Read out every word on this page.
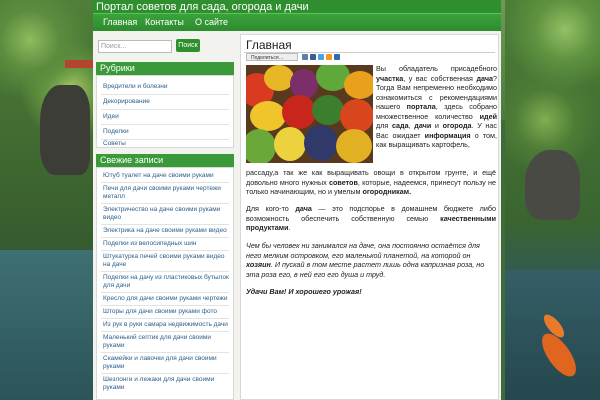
Портал советов для сада, огорода и дачи
Главная Контакты О сайте
Поиск...	Поиск
Рубрики
Вредители и болезни
Декорирование
Идеи
Поделки
Советы
Свежие записи
Ютуб туалет на даче своими руками
Печи для дачи своими руками чертежи металл
Электричество на даче своими руками видео
Электрика на даче своими руками видео
Поделки из велосипедных шин
Штукатурка печей своими руками видео на даче
Поделки на дачу из пластиковых бутылок для дачи
Кресло для дачи своими руками чертежи
Шторы для дачи своими руками фото
Из рук в руки самара недвижимость дачи
Маленький септик для дачи своими руками
Скамейки и лавочки для дачи своими руками
Шезлонги и лежаки для дачи своими руками
Главная
Поделиться…
Вы обладатель присадебного участка, у вас собственная дача? Тогда Вам непременно необходимо ознакомиться с рекомендациями нашего портала, здесь собрано множественное количество идей для сада, дачи и огорода. У нас Вас ожидает информация о том, как выращивать картофель,
рассаду,а так же как выращивать овощи в открытом грунте, и ещё довольно много нужных советов, которые, надеемся, принесут пользу не только начинающим, но и умелым огородникам.
Для кого-то дача — это подспорье в домашнем бюджете либо возможность обеспечить собственную семью качественными продуктами.
Чем бы человек ни занимался на даче, она постоянно остаётся для него мелким островком, его маленькой планетой, на которой он хозяин. И пускай в том месте растет лишь одна капризная роза, но эта роза его, в ней его его душа и труд.
Удачи Вам! И хорошего урожая!
